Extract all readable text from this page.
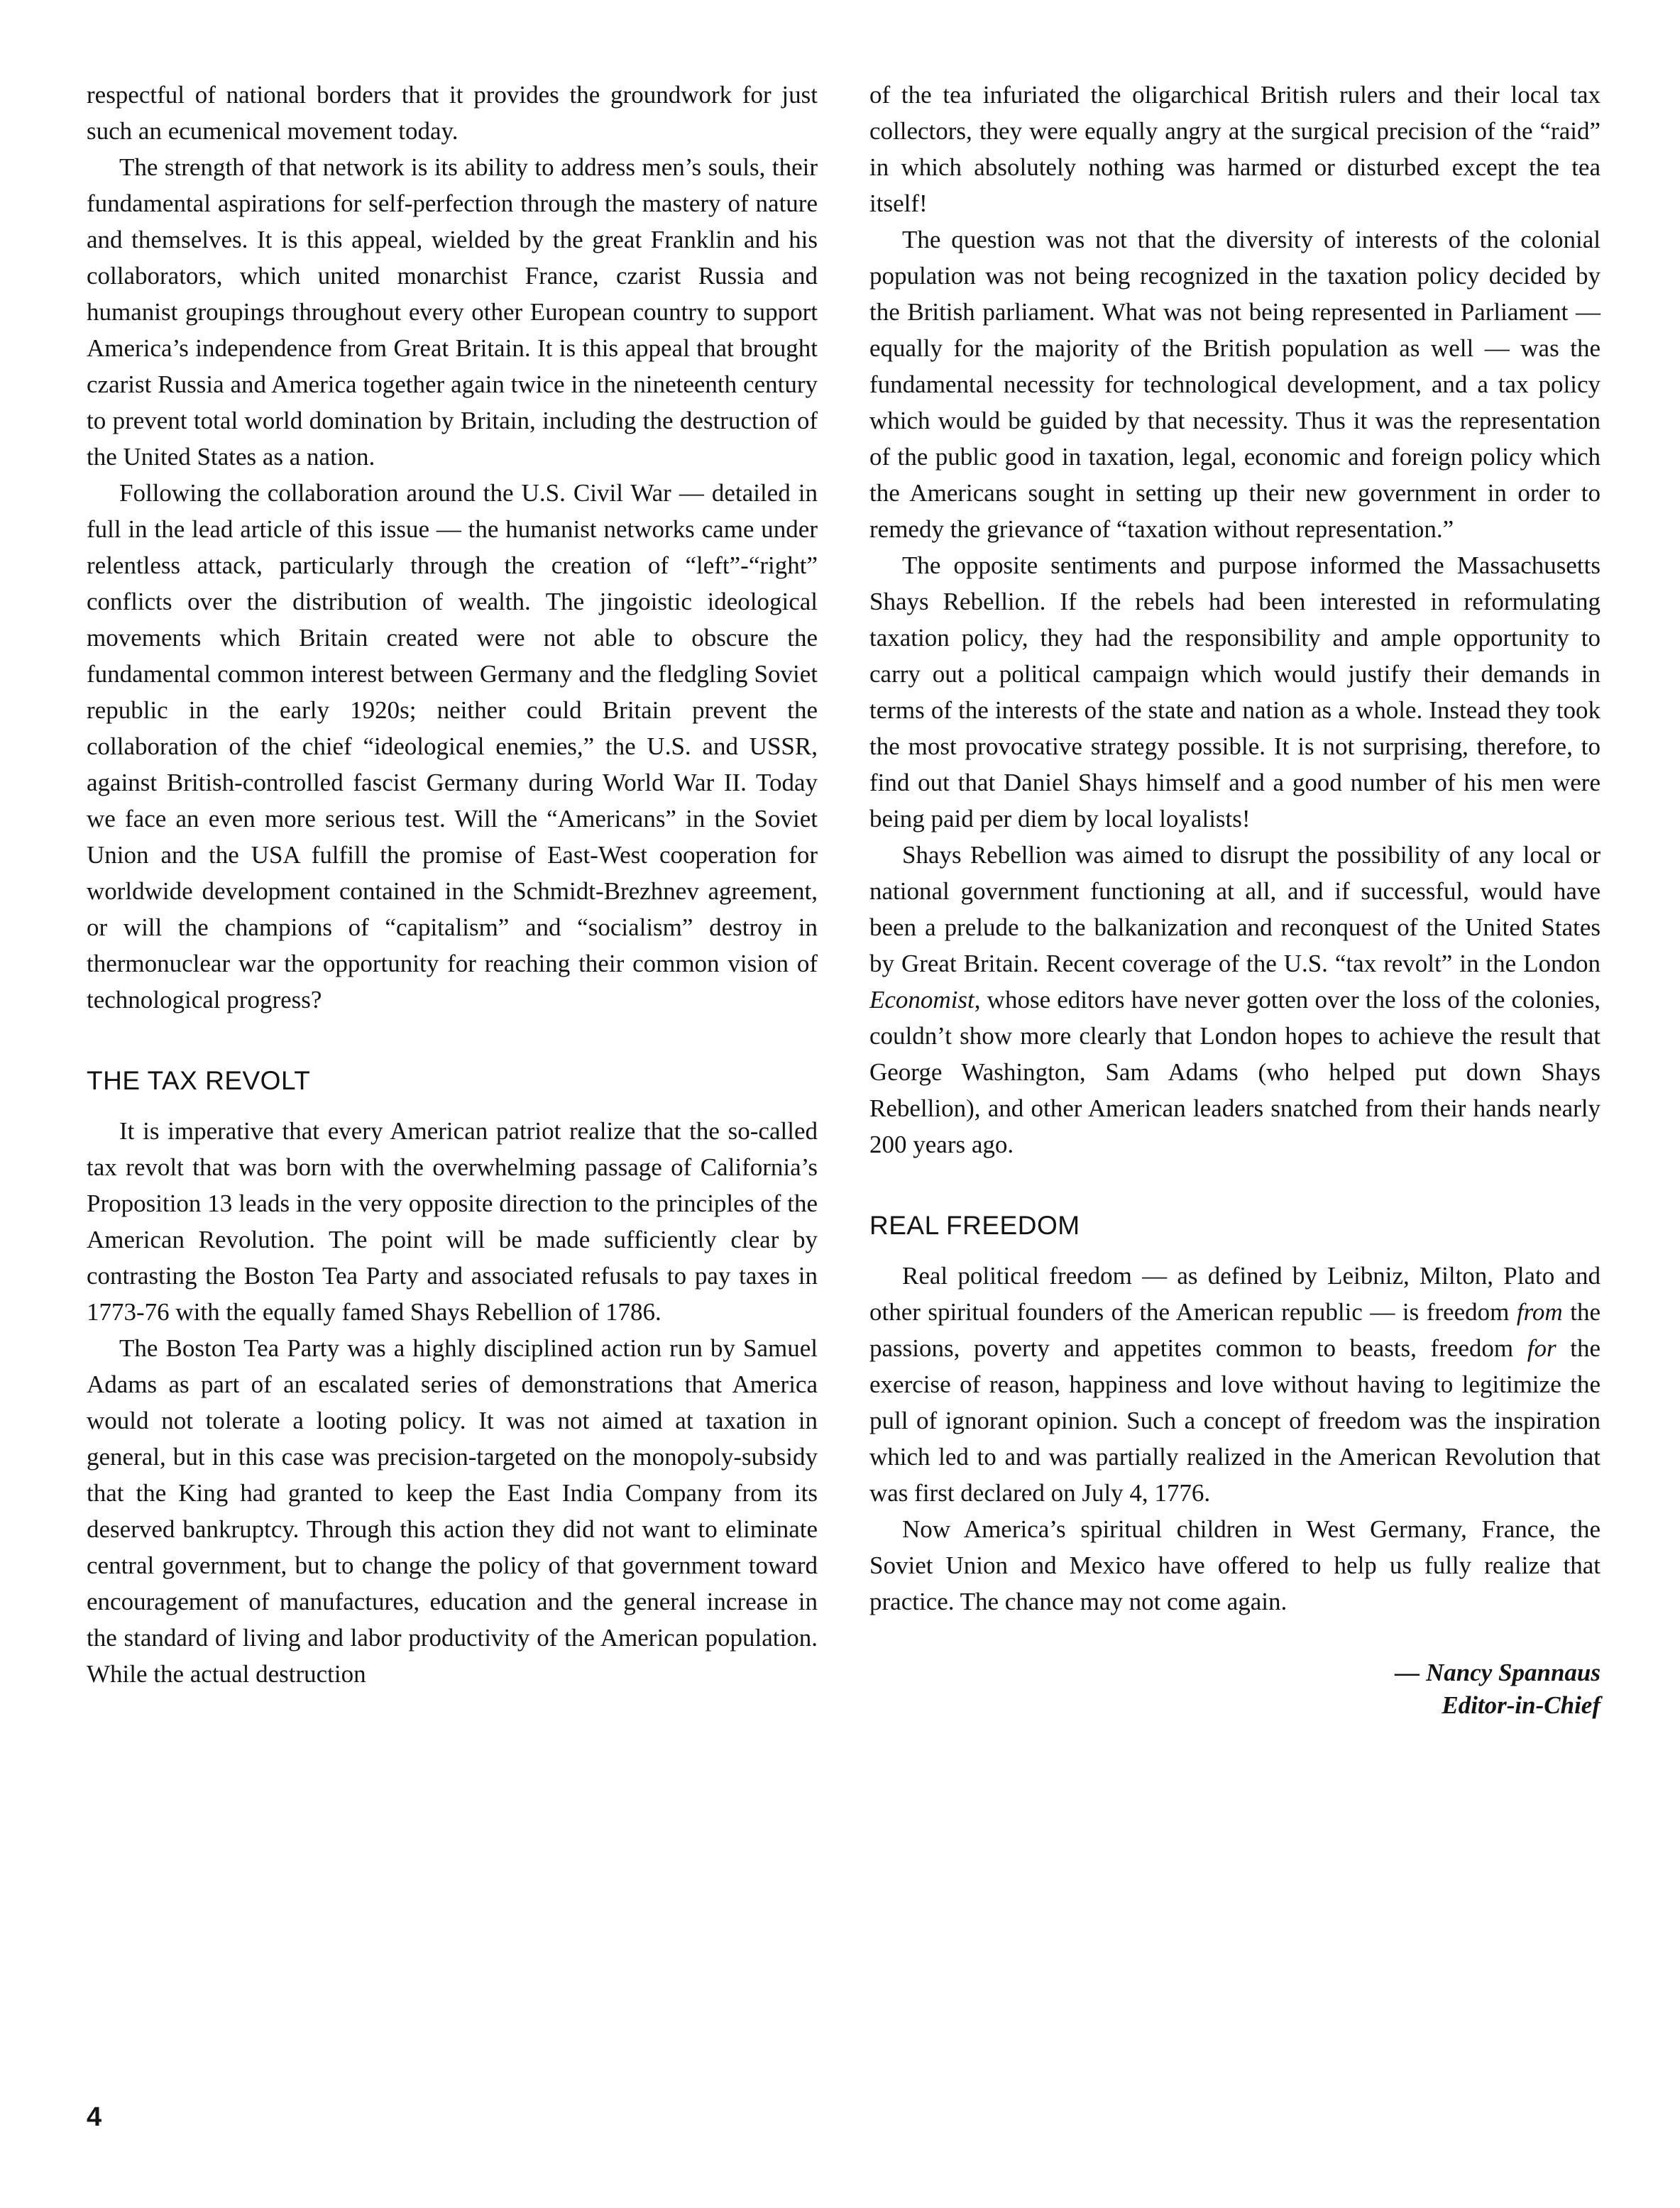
respectful of national borders that it provides the groundwork for just such an ecumenical movement today.

The strength of that network is its ability to address men’s souls, their fundamental aspirations for self-perfection through the mastery of nature and themselves. It is this appeal, wielded by the great Franklin and his collaborators, which united monarchist France, czarist Russia and humanist groupings throughout every other European country to support America’s independence from Great Britain. It is this appeal that brought czarist Russia and America together again twice in the nineteenth century to prevent total world domination by Britain, including the destruction of the United States as a nation.

Following the collaboration around the U.S. Civil War — detailed in full in the lead article of this issue — the humanist networks came under relentless attack, particularly through the creation of “left”-“right” conflicts over the distribution of wealth. The jingoistic ideological movements which Britain created were not able to obscure the fundamental common interest between Germany and the fledgling Soviet republic in the early 1920s; neither could Britain prevent the collaboration of the chief “ideological enemies,” the U.S. and USSR, against British-controlled fascist Germany during World War II. Today we face an even more serious test. Will the “Americans” in the Soviet Union and the USA fulfill the promise of East-West cooperation for worldwide development contained in the Schmidt-Brezhnev agreement, or will the champions of “capitalism” and “socialism” destroy in thermonuclear war the opportunity for reaching their common vision of technological progress?

THE TAX REVOLT

It is imperative that every American patriot realize that the so-called tax revolt that was born with the overwhelming passage of California’s Proposition 13 leads in the very opposite direction to the principles of the American Revolution. The point will be made sufficiently clear by contrasting the Boston Tea Party and associated refusals to pay taxes in 1773-76 with the equally famed Shays Rebellion of 1786.

The Boston Tea Party was a highly disciplined action run by Samuel Adams as part of an escalated series of demonstrations that America would not tolerate a looting policy. It was not aimed at taxation in general, but in this case was precision-targeted on the monopoly-subsidy that the King had granted to keep the East India Company from its deserved bankruptcy. Through this action they did not want to eliminate central government, but to change the policy of that government toward encouragement of manufactures, education and the general increase in the standard of living and labor productivity of the American population. While the actual destruction

of the tea infuriated the oligarchical British rulers and their local tax collectors, they were equally angry at the surgical precision of the “raid” in which absolutely nothing was harmed or disturbed except the tea itself!

The question was not that the diversity of interests of the colonial population was not being recognized in the taxation policy decided by the British parliament. What was not being represented in Parliament — equally for the majority of the British population as well — was the fundamental necessity for technological development, and a tax policy which would be guided by that necessity. Thus it was the representation of the public good in taxation, legal, economic and foreign policy which the Americans sought in setting up their new government in order to remedy the grievance of “taxation without representation.”

The opposite sentiments and purpose informed the Massachusetts Shays Rebellion. If the rebels had been interested in reformulating taxation policy, they had the responsibility and ample opportunity to carry out a political campaign which would justify their demands in terms of the interests of the state and nation as a whole. Instead they took the most provocative strategy possible. It is not surprising, therefore, to find out that Daniel Shays himself and a good number of his men were being paid per diem by local loyalists!

Shays Rebellion was aimed to disrupt the possibility of any local or national government functioning at all, and if successful, would have been a prelude to the balkanization and reconquest of the United States by Great Britain. Recent coverage of the U.S. “tax revolt” in the London Economist, whose editors have never gotten over the loss of the colonies, couldn’t show more clearly that London hopes to achieve the result that George Washington, Sam Adams (who helped put down Shays Rebellion), and other American leaders snatched from their hands nearly 200 years ago.

REAL FREEDOM

Real political freedom — as defined by Leibniz, Milton, Plato and other spiritual founders of the American republic — is freedom from the passions, poverty and appetites common to beasts, freedom for the exercise of reason, happiness and love without having to legitimize the pull of ignorant opinion. Such a concept of freedom was the inspiration which led to and was partially realized in the American Revolution that was first declared on July 4, 1776.

Now America’s spiritual children in West Germany, France, the Soviet Union and Mexico have offered to help us fully realize that practice. The chance may not come again.

— Nancy Spannaus
Editor-in-Chief
4
